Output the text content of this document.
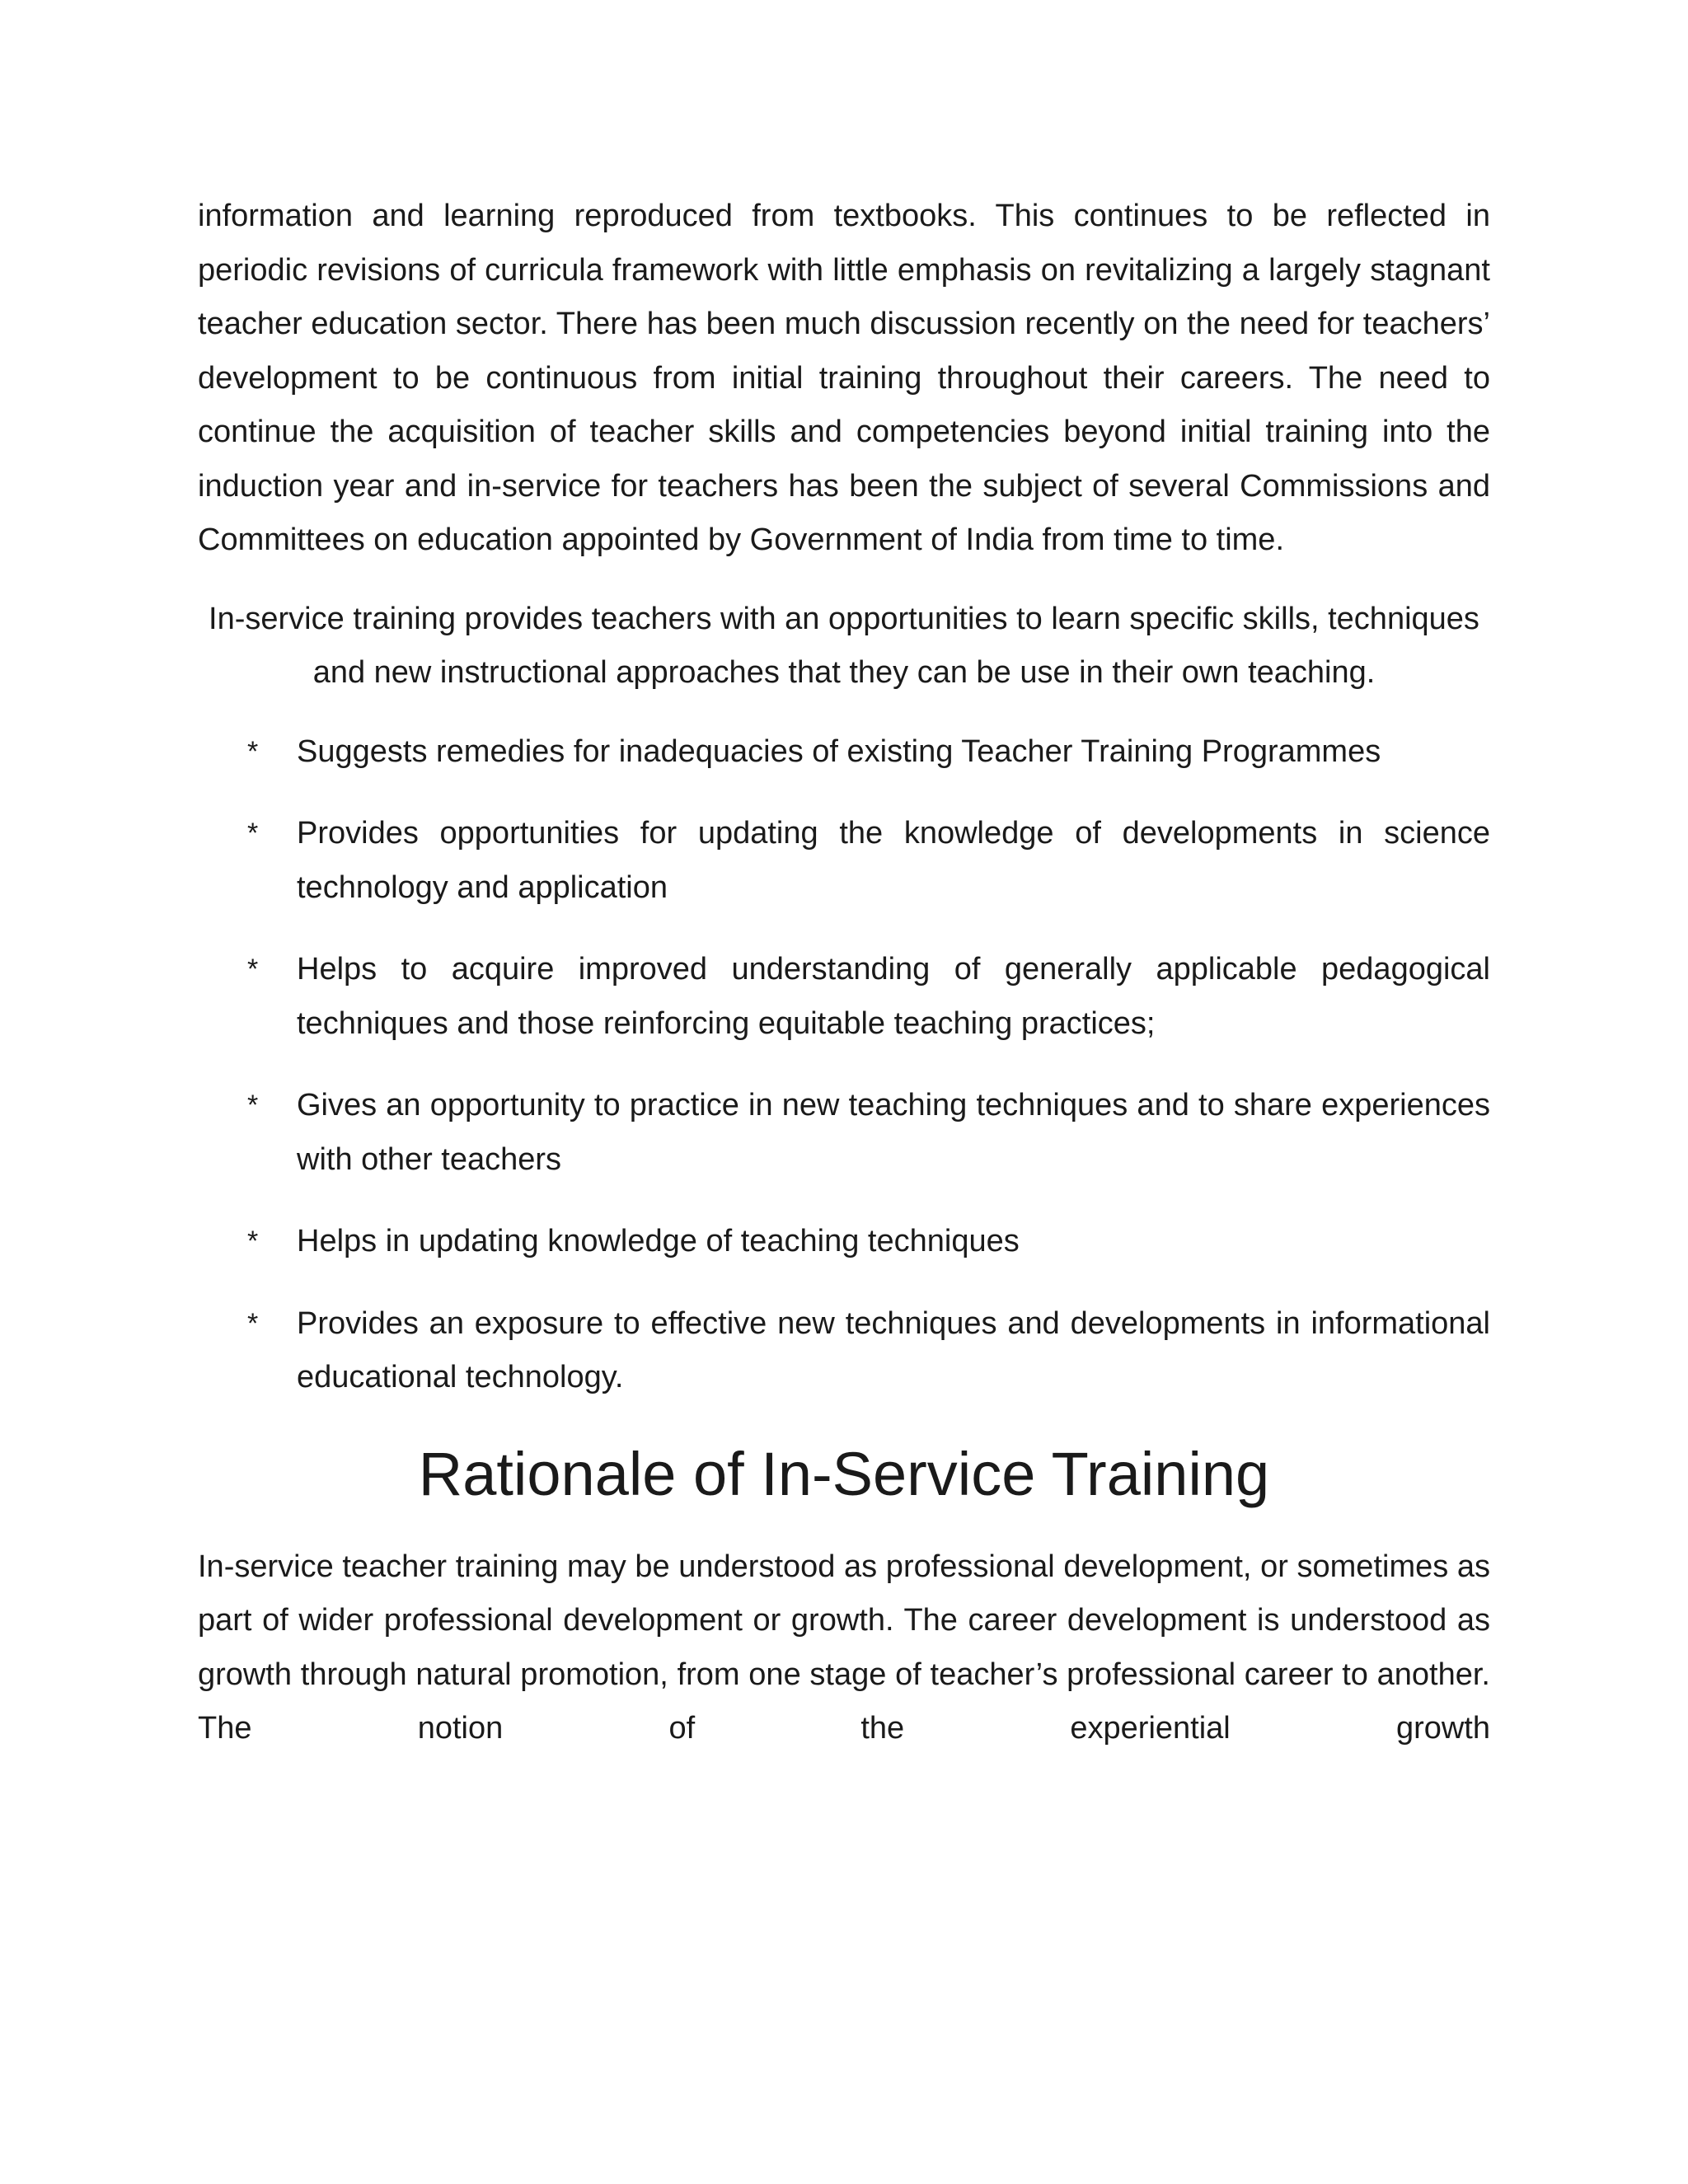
information and learning reproduced from textbooks. This continues to be reflected in periodic revisions of curricula framework with little emphasis on revitalizing a largely stagnant teacher education sector. There has been much discussion recently on the need for teachers’ development to be continuous from initial training throughout their careers. The need to continue the acquisition of teacher skills and competencies beyond initial training into the induction year and in-service for teachers has been the subject of several Commissions and Committees on education appointed by Government of India from time to time.

In-service training provides teachers with an opportunities to learn specific skills, techniques and new instructional approaches that they can be use in their own teaching.

* Suggests remedies for inadequacies of existing Teacher Training Programmes
* Provides opportunities for updating the knowledge of developments in science technology and application
* Helps to acquire improved understanding of generally applicable pedagogical techniques and those reinforcing equitable teaching practices;
* Gives an opportunity to practice in new teaching techniques and to share experiences with other teachers
* Helps in updating knowledge of teaching techniques
* Provides an exposure to effective new techniques and developments in informational educational technology.
Rationale of In-Service Training

In-service teacher training may be understood as professional development, or sometimes as part of wider professional development or growth. The career development is understood as growth through natural promotion, from one stage of teacher’s professional career to another. The notion of the experiential growth
